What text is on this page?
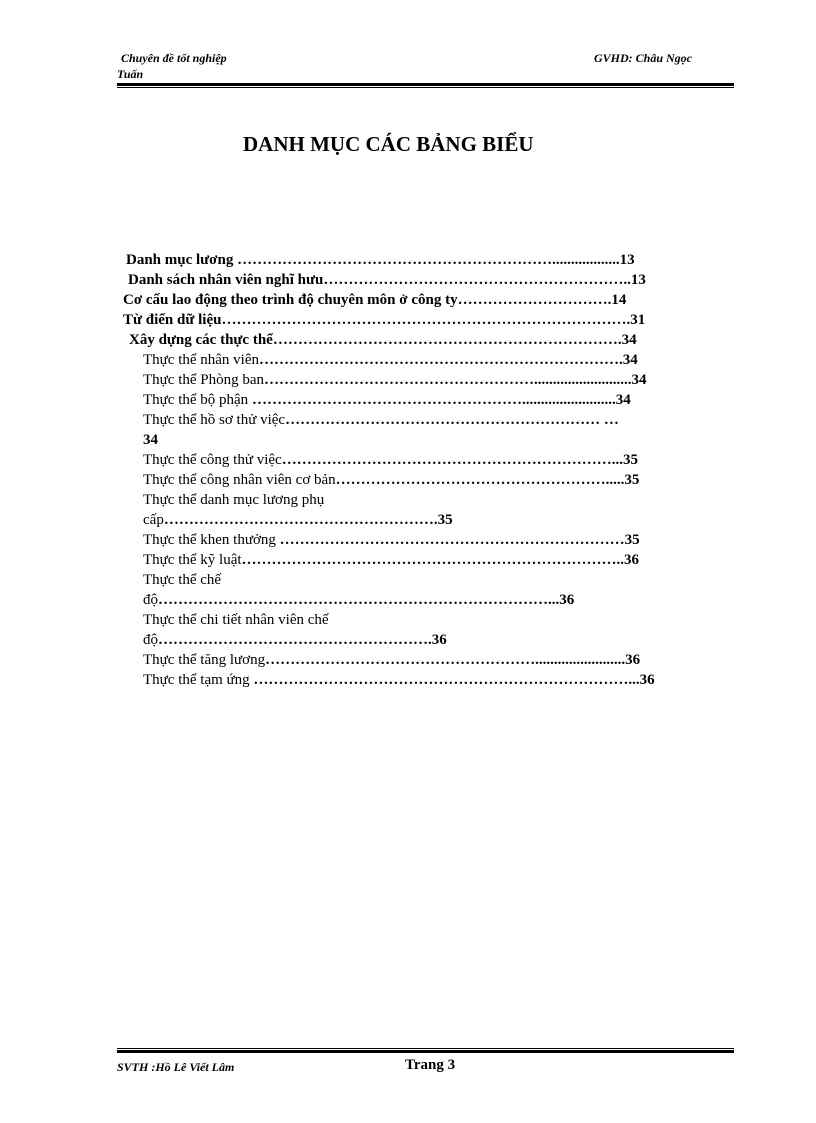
Chuyên đề tốt nghiệp
Tuấn
GVHD: Châu Ngọc
DANH MỤC CÁC BẢNG BIỂU
Danh mục lương ………………………………………………………..................13
Danh sách nhân viên nghĩ hưu……………………………………………………..13
Cơ cấu lao động theo trình độ chuyên môn ở công ty………………………….14
Từ điển dữ liệu……………………………………………………………………….31
Xây dựng các thực thể…………………………………………………………….34
Thực thể nhân viên……………………………………………………………….34
Thực thể Phòng ban………………………………………………..........................34
Thực thể bộ phận ……………………………………………….........................34
Thực thể hồ sơ thử việc……………………………………………………… …
34
Thực thể công thử việc…………………………………………………………...35
Thực thể công nhân viên cơ bản……………………………………………….....35
Thực thể danh mục lương phụ
cấp……………………………………………….35
Thực thể khen thưởng ……………………………………………………………35
Thực thể kỹ luật…………………………………………………………………..36
Thực thể chế
độ……………………………………………………………………...36
Thực thể chi tiết nhân viên chế
độ……………………………………………….36
Thực thể tăng lương………………………………………………........................36
Thực thể tạm ứng …………………………………………………………………...36
SVTH :Hồ Lê Viết Lâm	Trang 3
